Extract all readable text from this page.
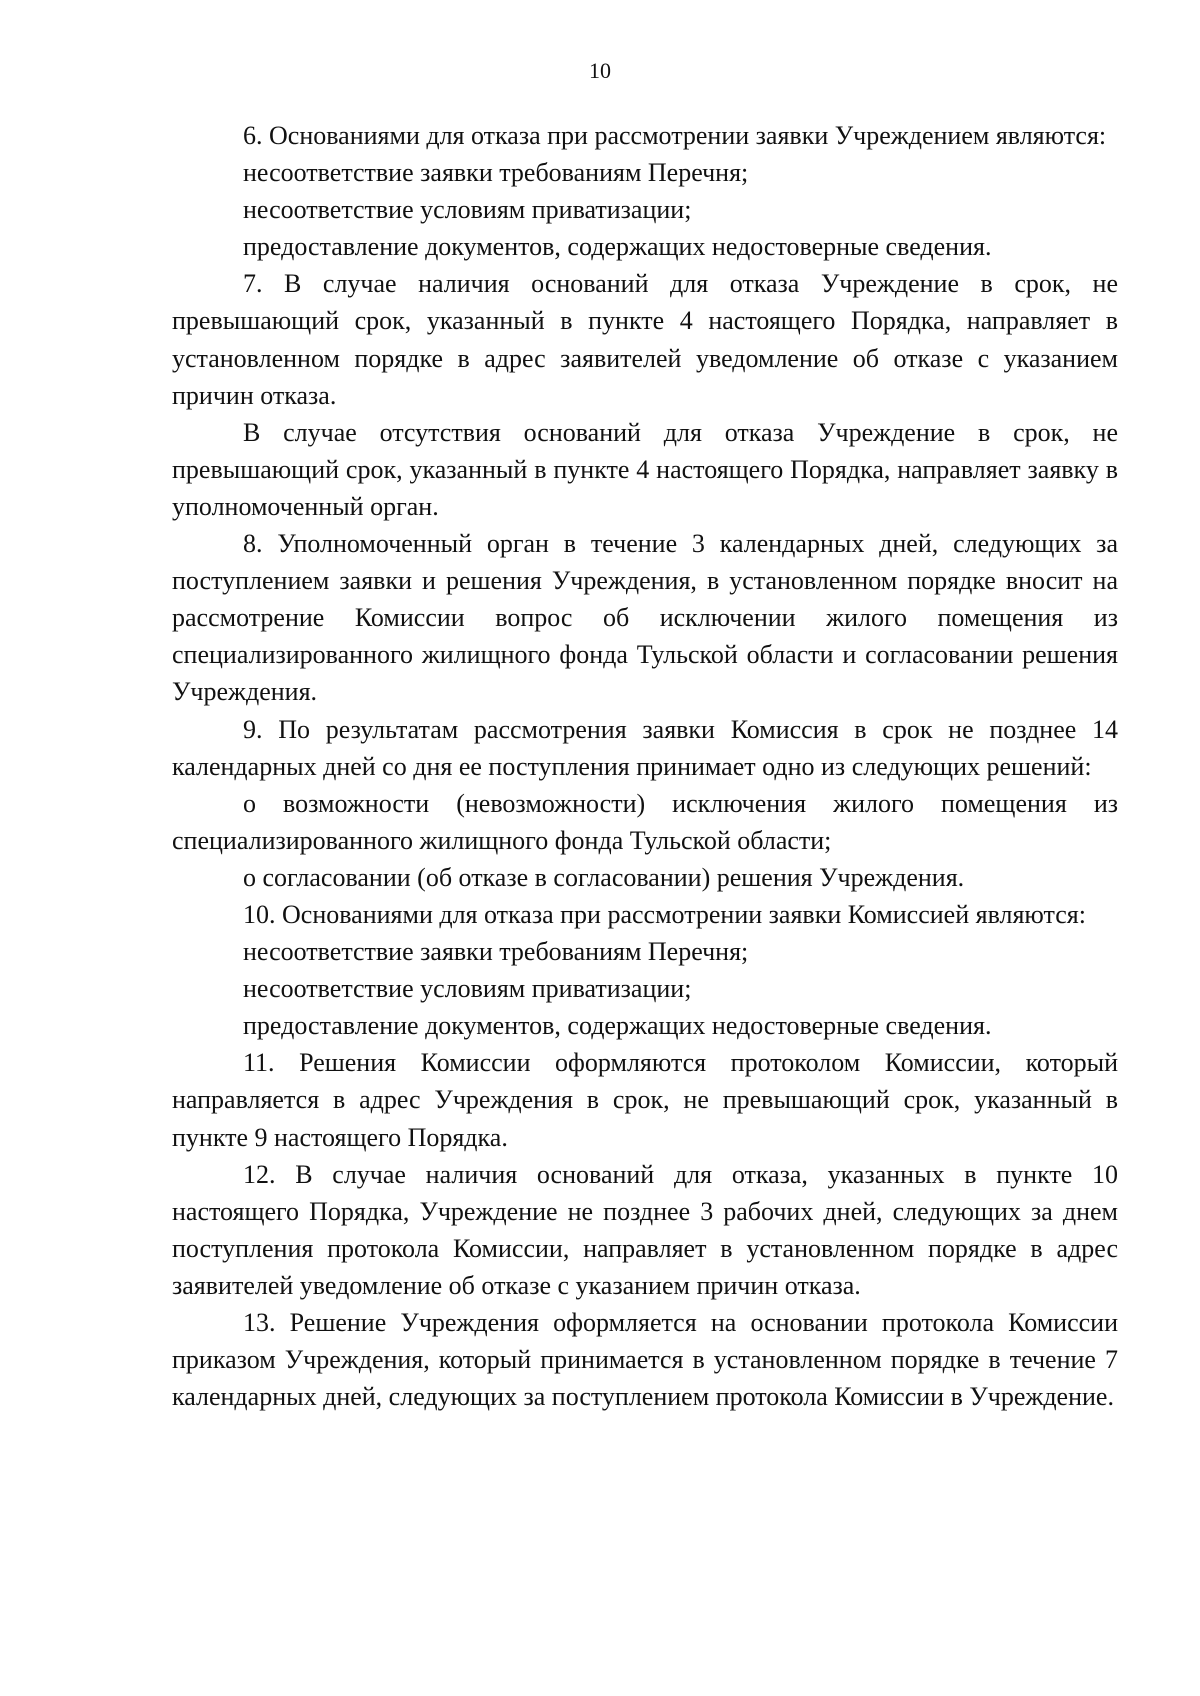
10

6. Основаниями для отказа при рассмотрении заявки Учреждением являются:

несоответствие заявки требованиям Перечня;

несоответствие условиям приватизации;

предоставление документов, содержащих недостоверные сведения.

7. В случае наличия оснований для отказа Учреждение в срок, не превышающий срок, указанный в пункте 4 настоящего Порядка, направляет в установленном порядке в адрес заявителей уведомление об отказе с указанием причин отказа.

В случае отсутствия оснований для отказа Учреждение в срок, не превышающий срок, указанный в пункте 4 настоящего Порядка, направляет заявку в уполномоченный орган.

8. Уполномоченный орган в течение 3 календарных дней, следующих за поступлением заявки и решения Учреждения, в установленном порядке вносит на рассмотрение Комиссии вопрос об исключении жилого помещения из специализированного жилищного фонда Тульской области и согласовании решения Учреждения.

9. По результатам рассмотрения заявки Комиссия в срок не позднее 14 календарных дней со дня ее поступления принимает одно из следующих решений:

о возможности (невозможности) исключения жилого помещения из специализированного жилищного фонда Тульской области;

о согласовании (об отказе в согласовании) решения Учреждения.

10. Основаниями для отказа при рассмотрении заявки Комиссией являются:

несоответствие заявки требованиям Перечня;

несоответствие условиям приватизации;

предоставление документов, содержащих недостоверные сведения.

11. Решения Комиссии оформляются протоколом Комиссии, который направляется в адрес Учреждения в срок, не превышающий срок, указанный в пункте 9 настоящего Порядка.

12. В случае наличия оснований для отказа, указанных в пункте 10 настоящего Порядка, Учреждение не позднее 3 рабочих дней, следующих за днем поступления протокола Комиссии, направляет в установленном порядке в адрес заявителей уведомление об отказе с указанием причин отказа.

13. Решение Учреждения оформляется на основании протокола Комиссии приказом Учреждения, который принимается в установленном порядке в течение 7 календарных дней, следующих за поступлением протокола Комиссии в Учреждение.
